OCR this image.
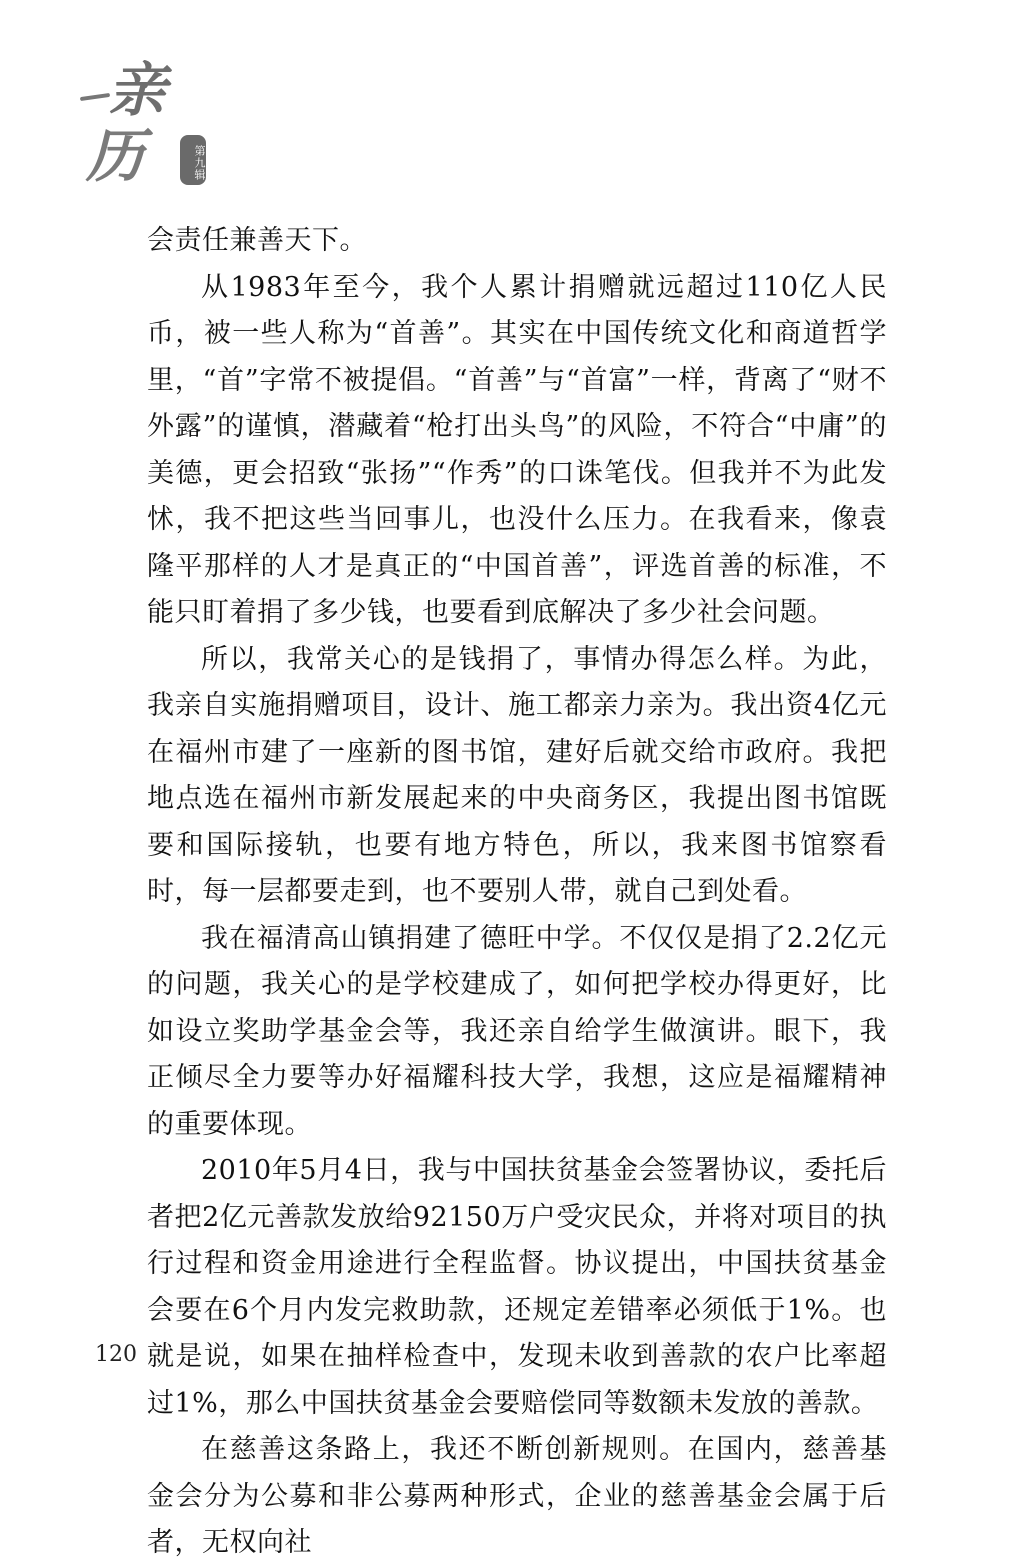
亲
历	第九辑

会责任兼善天下。

从1983年至今，我个人累计捐赠就远超过110亿人民币，被一些人称为“首善”。其实在中国传统文化和商道哲学里，“首”字常不被提倡。“首善”与“首富”一样，背离了“财不外露”的谨慎，潜藏着“枪打出头鸟”的风险，不符合“中庸”的美德，更会招致“张扬”“作秀”的口诛笔伐。但我并不为此发怵，我不把这些当回事儿，也没什么压力。在我看来，像袁隆平那样的人才是真正的“中国首善”，评选首善的标准，不能只盯着捐了多少钱，也要看到底解决了多少社会问题。

所以，我常关心的是钱捐了，事情办得怎么样。为此，我亲自实施捐赠项目，设计、施工都亲力亲为。我出资4亿元在福州市建了一座新的图书馆，建好后就交给市政府。我把地点选在福州市新发展起来的中央商务区，我提出图书馆既要和国际接轨，也要有地方特色，所以，我来图书馆察看时，每一层都要走到，也不要别人带，就自己到处看。

我在福清高山镇捐建了德旺中学。不仅仅是捐了2.2亿元的问题，我关心的是学校建成了，如何把学校办得更好，比如设立奖助学基金会等，我还亲自给学生做演讲。眼下，我正倾尽全力要等办好福耀科技大学，我想，这应是福耀精神的重要体现。

2010年5月4日，我与中国扶贫基金会签署协议，委托后者把2亿元善款发放给92150万户受灾民众，并将对项目的执行过程和资金用途进行全程监督。协议提出，中国扶贫基金会要在6个月内发完救助款，还规定差错率必须低于1%。也就是说，如果在抽样检查中，发现未收到善款的农户比率超过1%，那么中国扶贫基金会要赔偿同等数额未发放的善款。

在慈善这条路上，我还不断创新规则。在国内，慈善基金会分为公募和非公募两种形式，企业的慈善基金会属于后者，无权向社

120
